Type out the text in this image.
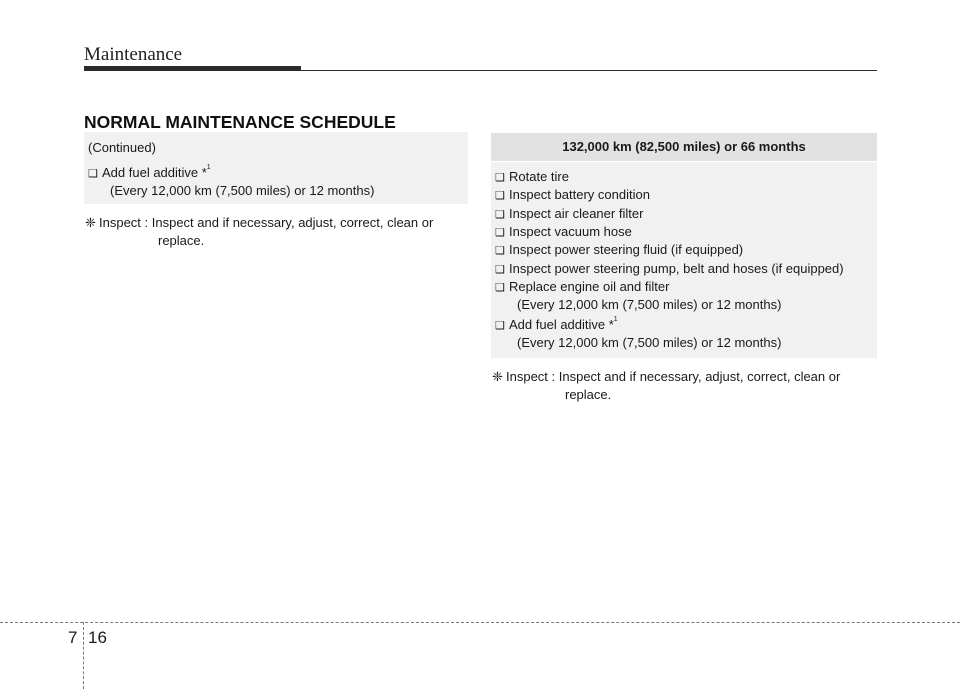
Maintenance
NORMAL MAINTENANCE SCHEDULE
(Continued)
❑ Add fuel additive *$^1$
(Every 12,000 km (7,500 miles) or 12 months)
❈ Inspect : Inspect and if necessary, adjust, correct, clean or
replace.
132,000 km (82,500 miles) or 66 months
❑ Rotate tire
❑ Inspect battery condition
❑ Inspect air cleaner filter
❑ Inspect vacuum hose
❑ Inspect power steering fluid (if equipped)
❑ Inspect power steering pump, belt and hoses (if equipped)
❑ Replace engine oil and filter
(Every 12,000 km (7,500 miles) or 12 months)
❑ Add fuel additive *$^1$
(Every 12,000 km (7,500 miles) or 12 months)
❈ Inspect : Inspect and if necessary, adjust, correct, clean or
replace.
7 16
